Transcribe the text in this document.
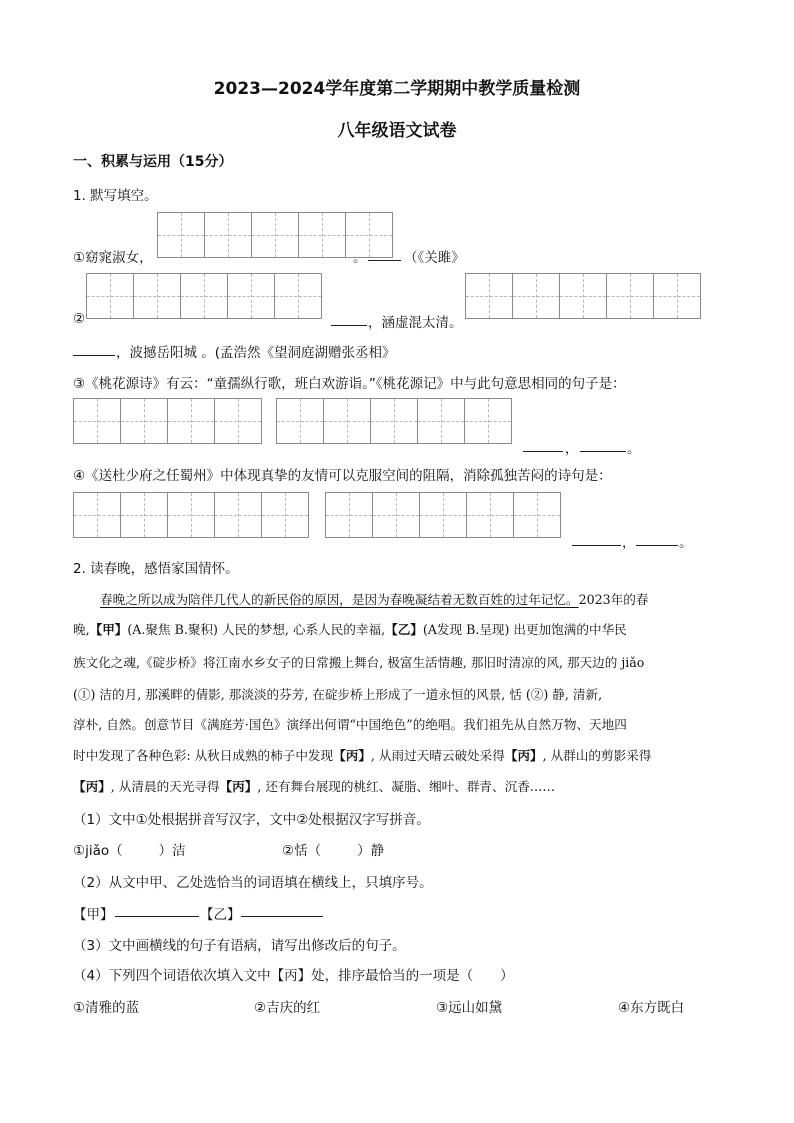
2023—2024学年度第二学期期中教学质量检测
八年级语文试卷
一、积累与运用（15分）
1. 默写填空。
①窈窕淑女，	。	（《关雎》
②	，涵虚混太清。
，波撼岳阳城 。(孟浩然《望洞庭湖赠张丞相》
③《桃花源诗》有云：“童孺纵行歌，班白欢游诣。”《桃花源记》中与此句意思相同的句子是：
，	。
④《送杜少府之任蜀州》中体现真挚的友情可以克服空间的阻隔，消除孤独苦闷的诗句是：
，	。
2. 读春晚，感悟家国情怀。
春晚之所以成为陪伴几代人的新民俗的原因，是因为春晚凝结着无数百姓的过年记忆。2023年的春
晚,【甲】(A.聚焦 B.聚积) 人民的梦想, 心系人民的幸福,【乙】(A发现 B.呈现) 出更加饱满的中华民
族文化之魂,《碇步桥》将江南水乡女子的日常搬上舞台, 极富生活情趣, 那旧时清凉的风, 那天边的 jiǎo
(①) 洁的月, 那溪畔的倩影, 那淡淡的芬芳, 在碇步桥上形成了一道永恒的风景, 恬 (②) 静, 清新,
淳朴, 自然。创意节目《满庭芳·国色》演绎出何谓“中国绝色”的绝唱。我们祖先从自然万物、天地四
时中发现了各种色彩: 从秋日成熟的柿子中发现【丙】, 从雨过天晴云破处采得【丙】, 从群山的剪影采得
【丙】, 从清晨的天光寻得【丙】, 还有舞台展现的桃红、凝脂、缃叶、群青、沉香……
（1）文中①处根据拼音写汉字，文中②处根据汉字写拼音。
①jiǎo（	）洁	②恬（	）静
（2）从文中甲、乙处选恰当的词语填在横线上，只填序号。
【甲】	【乙】
（3）文中画横线的句子有语病，请写出修改后的句子。
（4）下列四个词语依次填入文中【丙】处，排序最恰当的一项是（　　）
①清雅的蓝	②吉庆的红	③远山如黛	④东方既白
